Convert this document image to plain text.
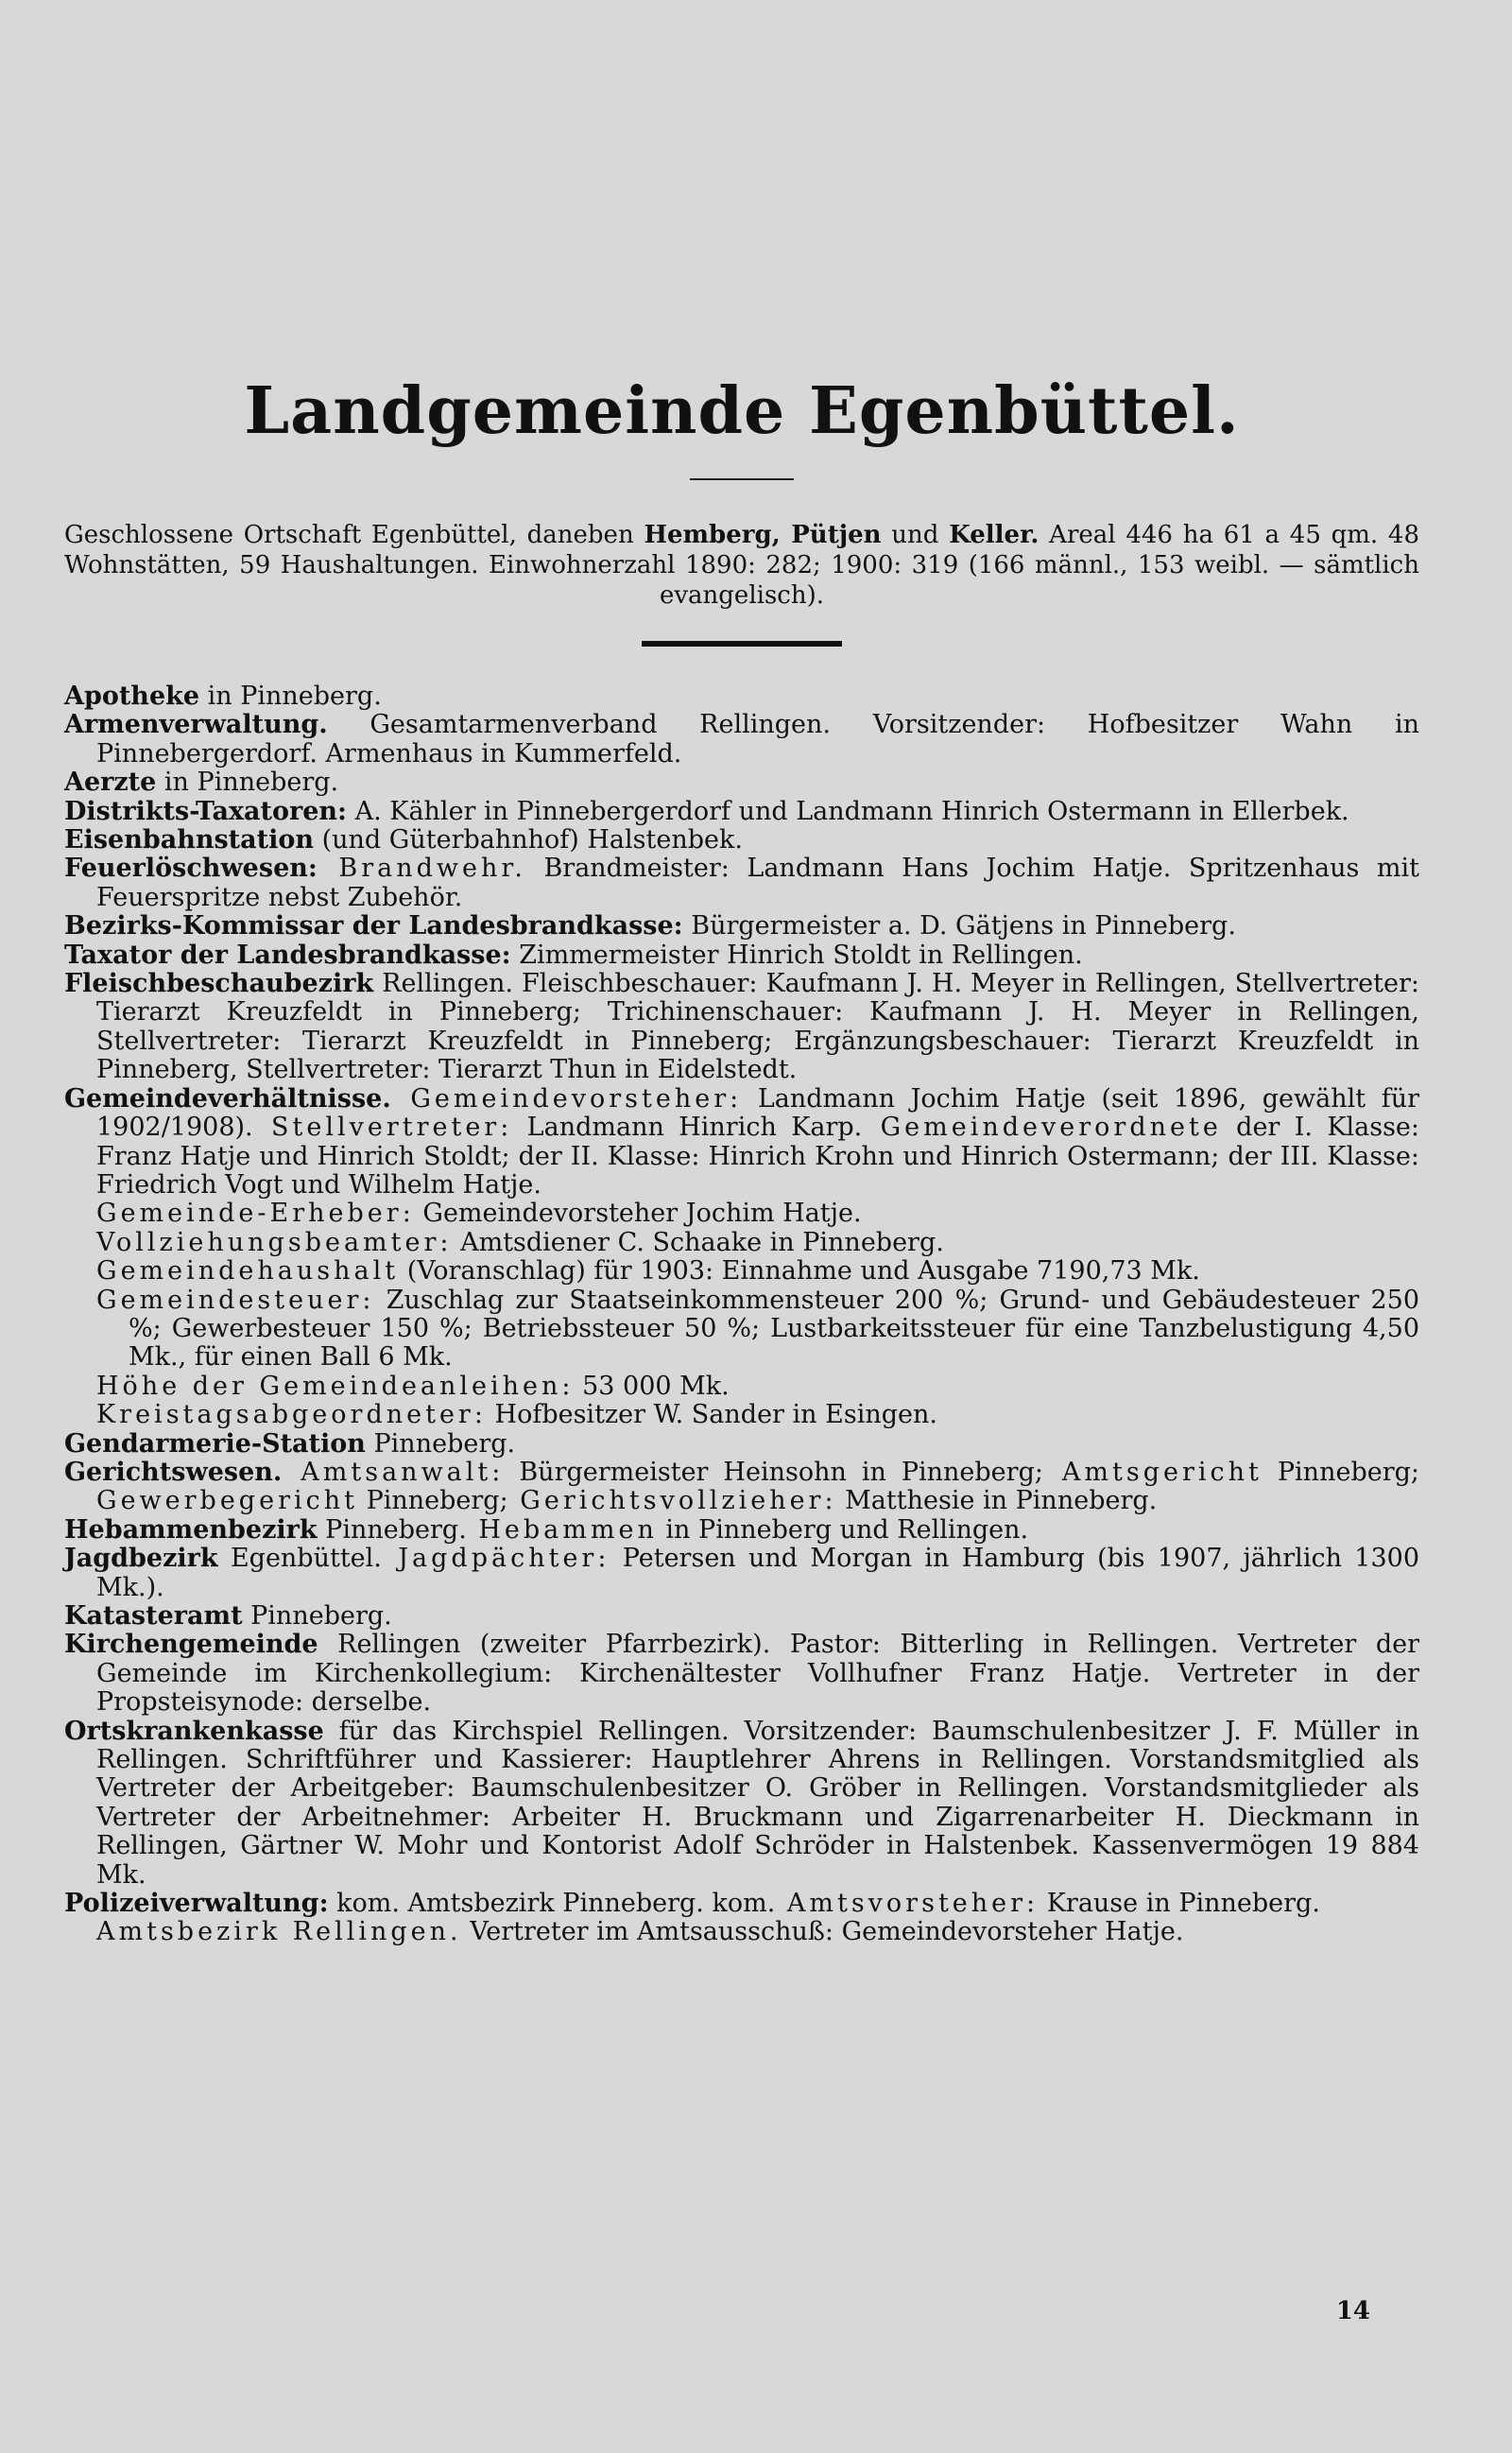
Landgemeinde Egenbüttel.

Geschlossene Ortschaft Egenbüttel, daneben Hemberg, Pütjen und Keller. Areal 446 ha 61 a 45 qm. 48 Wohnstätten, 59 Haushaltungen. Einwohnerzahl 1890: 282; 1900: 319 (166 männl., 153 weibl. — sämtlich evangelisch).

Apotheke in Pinneberg.

Armenverwaltung. Gesamtarmenverband Rellingen. Vorsitzender: Hofbesitzer Wahn in Pinnebergerdorf. Armenhaus in Kummerfeld.

Aerzte in Pinneberg.

Distrikts-Taxatoren: A. Kähler in Pinnebergerdorf und Landmann Hinrich Ostermann in Ellerbek.

Eisenbahnstation (und Güterbahnhof) Halstenbek.

Feuerlöschwesen: Brandwehr. Brandmeister: Landmann Hans Jochim Hatje. Spritzenhaus mit Feuerspritze nebst Zubehör.

Bezirks-Kommissar der Landesbrandkasse: Bürgermeister a. D. Gätjens in Pinneberg.

Taxator der Landesbrandkasse: Zimmermeister Hinrich Stoldt in Rellingen.

Fleischbeschaubezirk Rellingen. Fleischbeschauer: Kaufmann J. H. Meyer in Rellingen, Stellvertreter: Tierarzt Kreuzfeldt in Pinneberg; Trichinenschauer: Kaufmann J. H. Meyer in Rellingen, Stellvertreter: Tierarzt Kreuzfeldt in Pinneberg; Ergänzungsbeschauer: Tierarzt Kreuzfeldt in Pinneberg, Stellvertreter: Tierarzt Thun in Eidelstedt.

Gemeindeverhältnisse. Gemeindevorsteher: Landmann Jochim Hatje (seit 1896, gewählt für 1902/1908). Stellvertreter: Landmann Hinrich Karp. Gemeindeverordnete der I. Klasse: Franz Hatje und Hinrich Stoldt; der II. Klasse: Hinrich Krohn und Hinrich Ostermann; der III. Klasse: Friedrich Vogt und Wilhelm Hatje.

Gemeinde-Erheber: Gemeindevorsteher Jochim Hatje.

Vollziehungsbeamter: Amtsdiener C. Schaake in Pinneberg.

Gemeindehaushalt (Voranschlag) für 1903: Einnahme und Ausgabe 7190,73 Mk.

Gemeindesteuer: Zuschlag zur Staatseinkommensteuer 200 %; Grund- und Gebäudesteuer 250 %; Gewerbesteuer 150 %; Betriebssteuer 50 %; Lustbarkeitssteuer für eine Tanzbelustigung 4,50 Mk., für einen Ball 6 Mk.

Höhe der Gemeindeanleihen: 53 000 Mk.

Kreistagsabgeordneter: Hofbesitzer W. Sander in Esingen.

Gendarmerie-Station Pinneberg.

Gerichtswesen. Amtsanwalt: Bürgermeister Heinsohn in Pinneberg; Amtsgericht Pinneberg; Gewerbegericht Pinneberg; Gerichtsvollzieher: Matthesie in Pinneberg.

Hebammenbezirk Pinneberg. Hebammen in Pinneberg und Rellingen.

Jagdbezirk Egenbüttel. Jagdpächter: Petersen und Morgan in Hamburg (bis 1907, jährlich 1300 Mk.).

Katasteramt Pinneberg.

Kirchengemeinde Rellingen (zweiter Pfarrbezirk). Pastor: Bitterling in Rellingen. Vertreter der Gemeinde im Kirchenkollegium: Kirchenältester Vollhufner Franz Hatje. Vertreter in der Propsteisynode: derselbe.

Ortskrankenkasse für das Kirchspiel Rellingen. Vorsitzender: Baumschulenbesitzer J. F. Müller in Rellingen. Schriftführer und Kassierer: Hauptlehrer Ahrens in Rellingen. Vorstandsmitglied als Vertreter der Arbeitgeber: Baumschulenbesitzer O. Gröber in Rellingen. Vorstandsmitglieder als Vertreter der Arbeitnehmer: Arbeiter H. Bruckmann und Zigarrenarbeiter H. Dieckmann in Rellingen, Gärtner W. Mohr und Kontorist Adolf Schröder in Halstenbek. Kassenvermögen 19 884 Mk.

Polizeiverwaltung: kom. Amtsbezirk Pinneberg. kom. Amtsvorsteher: Krause in Pinneberg.

Amtsbezirk Rellingen. Vertreter im Amtsausschuß: Gemeindevorsteher Hatje.

14
